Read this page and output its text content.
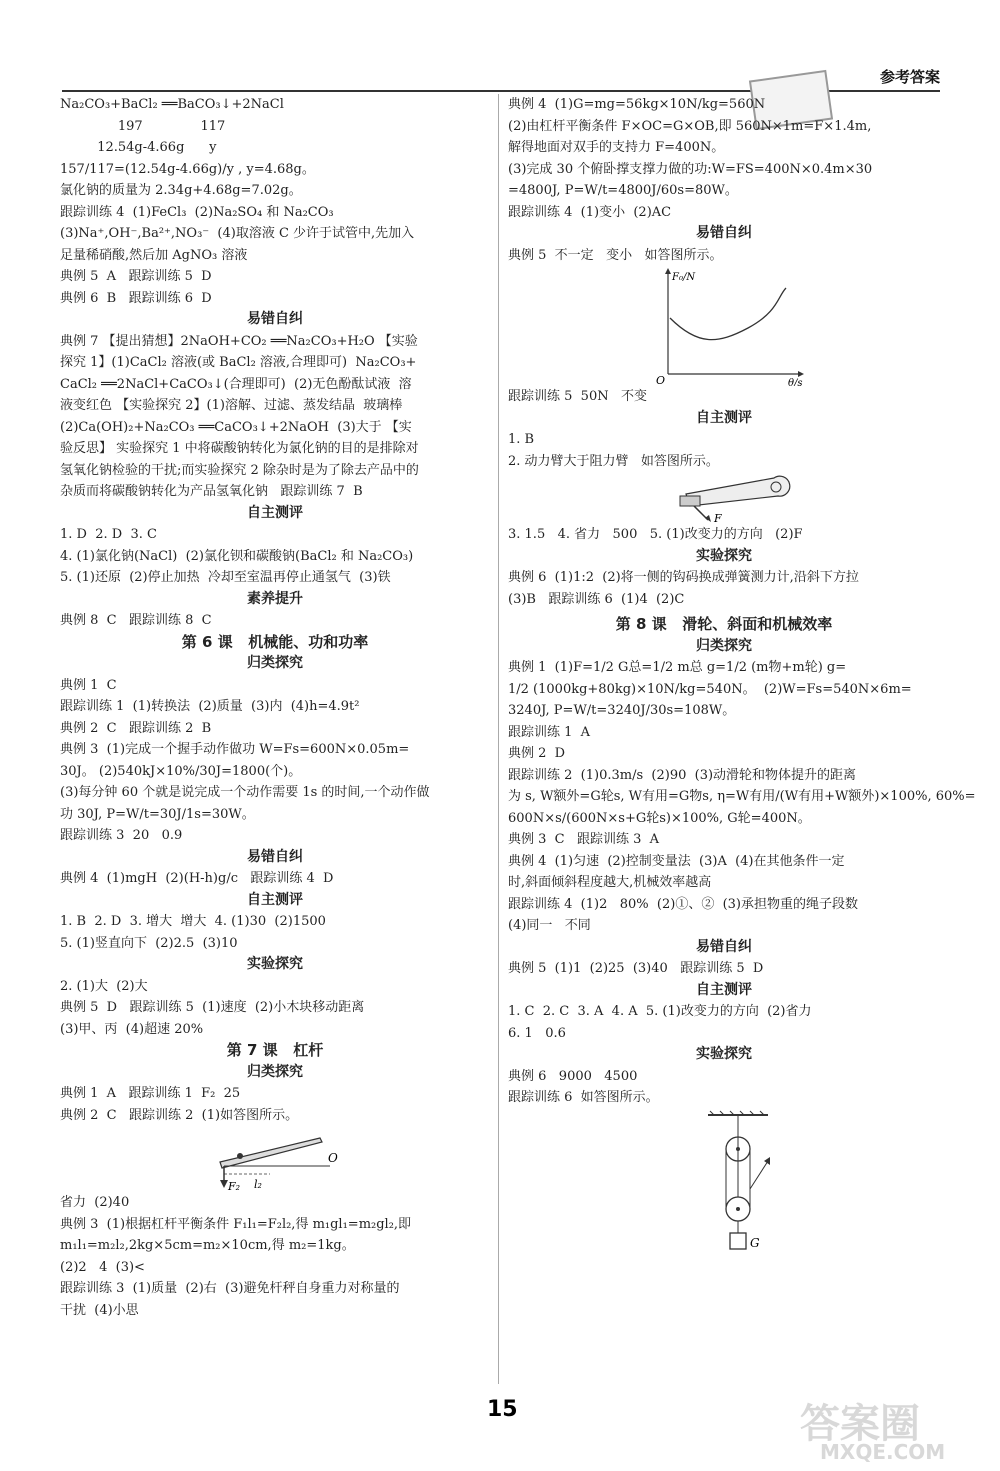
参考答案
Na₂CO₃+BaCl₂ ══BaCO₃↓+2NaCl
197              117
12.54g-4.66g      y
157/117=(12.54g-4.66g)/y , y=4.68g。
氯化钠的质量为 2.34g+4.68g=7.02g。
跟踪训练 4  (1)FeCl₃  (2)Na₂SO₄ 和 Na₂CO₃
(3)Na⁺,OH⁻,Ba²⁺,NO₃⁻  (4)取溶液 C 少许于试管中,先加入
足量稀硝酸,然后加 AgNO₃ 溶液
典例 5  A   跟踪训练 5  D
典例 6  B   跟踪训练 6  D
易错自纠
典例 7 【提出猜想】2NaOH+CO₂ ══Na₂CO₃+H₂O 【实验
探究 1】(1)CaCl₂ 溶液(或 BaCl₂ 溶液,合理即可)  Na₂CO₃+
CaCl₂ ══2NaCl+CaCO₃↓(合理即可)  (2)无色酚酞试液  溶
液变红色 【实验探究 2】(1)溶解、过滤、蒸发结晶  玻璃棒
(2)Ca(OH)₂+Na₂CO₃ ══CaCO₃↓+2NaOH  (3)大于 【实
验反思】 实验探究 1 中将碳酸钠转化为氯化钠的目的是排除对
氢氧化钠检验的干扰;而实验探究 2 除杂时是为了除去产品中的
杂质而将碳酸钠转化为产品氢氧化钠   跟踪训练 7  B
自主测评
1. D  2. D  3. C
4. (1)氯化钠(NaCl)  (2)氯化钡和碳酸钠(BaCl₂ 和 Na₂CO₃)
5. (1)还原  (2)停止加热  冷却至室温再停止通氢气  (3)铁
素养提升
典例 8  C   跟踪训练 8  C
第 6 课   机械能、功和功率
归类探究
典例 1  C
跟踪训练 1  (1)转换法  (2)质量  (3)内  (4)h=4.9t²
典例 2  C   跟踪训练 2  B
典例 3  (1)完成一个握手动作做功 W=Fs=600N×0.05m=
30J。 (2)540kJ×10%/30J=1800(个)。
(3)每分钟 60 个就是说完成一个动作需要 1s 的时间,一个动作做
功 30J, P=W/t=30J/1s=30W。
跟踪训练 3  20   0.9
易错自纠
典例 4  (1)mgH  (2)(H-h)g/c   跟踪训练 4  D
自主测评
1. B  2. D  3. 增大  增大  4. (1)30  (2)1500
5. (1)竖直向下  (2)2.5  (3)10
实验探究
2. (1)大  (2)大
典例 5  D   跟踪训练 5  (1)速度  (2)小木块移动距离
(3)甲、丙  (4)超速 20%
第 7 课   杠杆
归类探究
典例 1  A   跟踪训练 1  F₂  25
典例 2  C   跟踪训练 2  (1)如答图所示。
O
F₂ l₂
省力  (2)40
典例 3  (1)根据杠杆平衡条件 F₁l₁=F₂l₂,得 m₁gl₁=m₂gl₂,即
m₁l₁=m₂l₂,2kg×5cm=m₂×10cm,得 m₂=1kg。
(2)2   4  (3)<
跟踪训练 3  (1)质量  (2)右  (3)避免杆秤自身重力对称量的
干扰  (4)小思
典例 4  (1)G=mg=56kg×10N/kg=560N
(2)由杠杆平衡条件 F×OC=G×OB,即 560N×1m=F×1.4m,
解得地面对双手的支持力 F=400N。
(3)完成 30 个俯卧撑支撑力做的功:W=FS=400N×0.4m×30
=4800J, P=W/t=4800J/60s=80W。
跟踪训练 4  (1)变小  (2)AC
易错自纠
典例 5  不一定   变小   如答图所示。
F₀/N
θ/s
O
跟踪训练 5  50N   不变
自主测评
1. B
2. 动力臂大于阻力臂   如答图所示。
F
3. 1.5   4. 省力   500   5. (1)改变力的方向   (2)F
实验探究
典例 6  (1)1:2  (2)将一侧的钩码换成弹簧测力计,沿斜下方拉
(3)B   跟踪训练 6  (1)4  (2)C
第 8 课   滑轮、斜面和机械效率
归类探究
典例 1  (1)F=1/2 G总=1/2 m总 g=1/2 (m物+m轮) g=
1/2 (1000kg+80kg)×10N/kg=540N。  (2)W=Fs=540N×6m=
3240J, P=W/t=3240J/30s=108W。
跟踪训练 1  A
典例 2  D
跟踪训练 2  (1)0.3m/s  (2)90  (3)动滑轮和物体提升的距离
为 s, W额外=G轮s, W有用=G物s, η=W有用/(W有用+W额外)×100%, 60%=
600N×s/(600N×s+G轮s)×100%, G轮=400N。
典例 3  C   跟踪训练 3  A
典例 4  (1)匀速  (2)控制变量法  (3)A  (4)在其他条件一定
时,斜面倾斜程度越大,机械效率越高
跟踪训练 4  (1)2   80%  (2)①、②  (3)承担物重的绳子段数
(4)同一   不同
易错自纠
典例 5  (1)1  (2)25  (3)40   跟踪训练 5  D
自主测评
1. C  2. C  3. A  4. A  5. (1)改变力的方向  (2)省力
6. 1   0.6
实验探究
典例 6   9000   4500
跟踪训练 6  如答图所示。
G
15	答案圈
MXQE.COM
